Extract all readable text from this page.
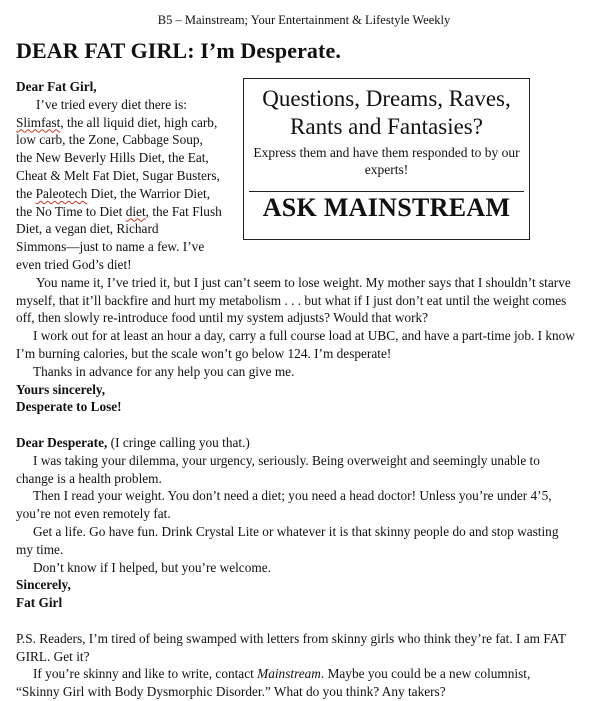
B5 – Mainstream; Your Entertainment & Lifestyle Weekly
DEAR FAT GIRL: I’m Desperate.
Questions, Dreams, Raves, Rants and Fantasies?
Express them and have them responded to by our experts!
ASK MAINSTREAM

Dear Fat Girl,

I’ve tried every diet there is:

Slimfast, the all liquid diet, high carb,

low carb, the Zone, Cabbage Soup,

the New Beverly Hills Diet, the Eat,

Cheat & Melt Fat Diet, Sugar Busters,

the Paleotech Diet, the Warrior Diet,

the No Time to Diet diet, the Fat Flush

Diet, a vegan diet, Richard

Simmons—just to name a few. I’ve

even tried God’s diet!

You name it, I’ve tried it, but I just can’t seem to lose weight. My mother says that I shouldn’t starve myself, that it’ll backfire and hurt my metabolism . . . but what if I just don’t eat until the weight comes off, then slowly re-introduce food until my system adjusts? Would that work?

I work out for at least an hour a day, carry a full course load at UBC, and have a part-time job. I know I’m burning calories, but the scale won’t go below 124. I’m desperate!

Thanks in advance for any help you can give me.

Yours sincerely,

Desperate to Lose!

Dear Desperate, (I cringe calling you that.)

I was taking your dilemma, your urgency, seriously. Being overweight and seemingly unable to change is a health problem.

Then I read your weight. You don’t need a diet; you need a head doctor! Unless you’re under 4’5, you’re not even remotely fat.

Get a life. Go have fun. Drink Crystal Lite or whatever it is that skinny people do and stop wasting my time.

Don’t know if I helped, but you’re welcome.

Sincerely,

Fat Girl

P.S. Readers, I’m tired of being swamped with letters from skinny girls who think they’re fat. I am FAT GIRL. Get it?

If you’re skinny and like to write, contact Mainstream. Maybe you could be a new columnist, “Skinny Girl with Body Dysmorphic Disorder.” What do you think? Any takers?
